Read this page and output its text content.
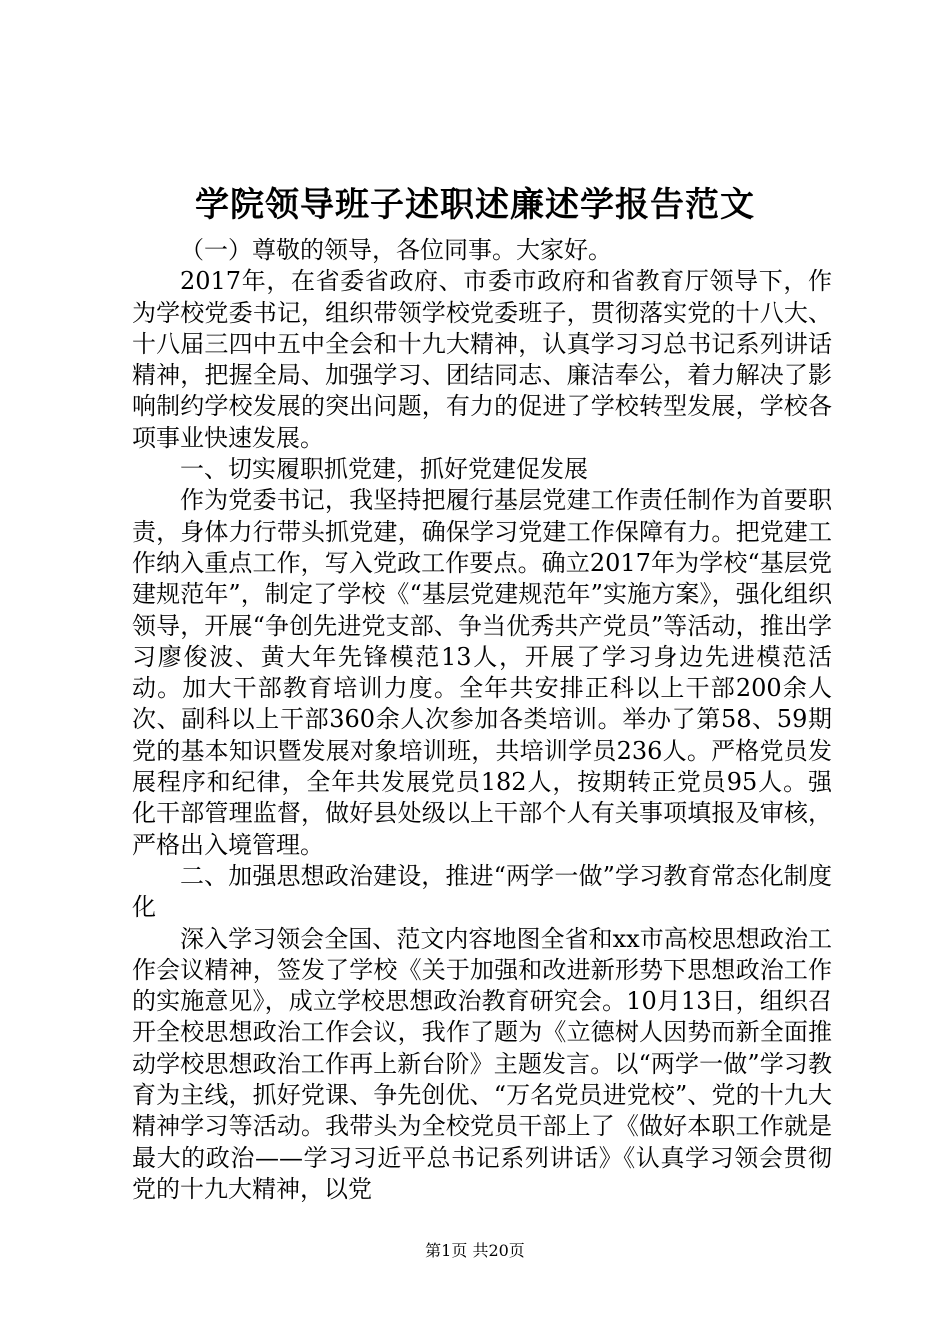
学院领导班子述职述廉述学报告范文

（一）尊敬的领导，各位同事。大家好。

2017年，在省委省政府、市委市政府和省教育厅领导下，作为学校党委书记，组织带领学校党委班子，贯彻落实党的十八大、十八届三四中五中全会和十九大精神，认真学习习总书记系列讲话精神，把握全局、加强学习、团结同志、廉洁奉公，着力解决了影响制约学校发展的突出问题，有力的促进了学校转型发展，学校各项事业快速发展。

一、切实履职抓党建，抓好党建促发展

作为党委书记，我坚持把履行基层党建工作责任制作为首要职责，身体力行带头抓党建，确保学习党建工作保障有力。把党建工作纳入重点工作，写入党政工作要点。确立2017年为学校“基层党建规范年”，制定了学校《“基层党建规范年”实施方案》，强化组织领导，开展“争创先进党支部、争当优秀共产党员”等活动，推出学习廖俊波、黄大年先锋模范13人，开展了学习身边先进模范活动。加大干部教育培训力度。全年共安排正科以上干部200余人次、副科以上干部360余人次参加各类培训。举办了第58、59期党的基本知识暨发展对象培训班，共培训学员236人。严格党员发展程序和纪律，全年共发展党员182人，按期转正党员95人。强化干部管理监督，做好县处级以上干部个人有关事项填报及审核，严格出入境管理。

二、加强思想政治建设，推进“两学一做”学习教育常态化制度化

深入学习领会全国、范文内容地图全省和xx市高校思想政治工作会议精神，签发了学校《关于加强和改进新形势下思想政治工作的实施意见》，成立学校思想政治教育研究会。10月13日，组织召开全校思想政治工作会议，我作了题为《立德树人因势而新全面推动学校思想政治工作再上新台阶》主题发言。以“两学一做”学习教育为主线，抓好党课、争先创优、“万名党员进党校”、党的十九大精神学习等活动。我带头为全校党员干部上了《做好本职工作就是最大的政治——学习习近平总书记系列讲话》《认真学习领会贯彻党的十九大精神，以党

第1页 共20页
